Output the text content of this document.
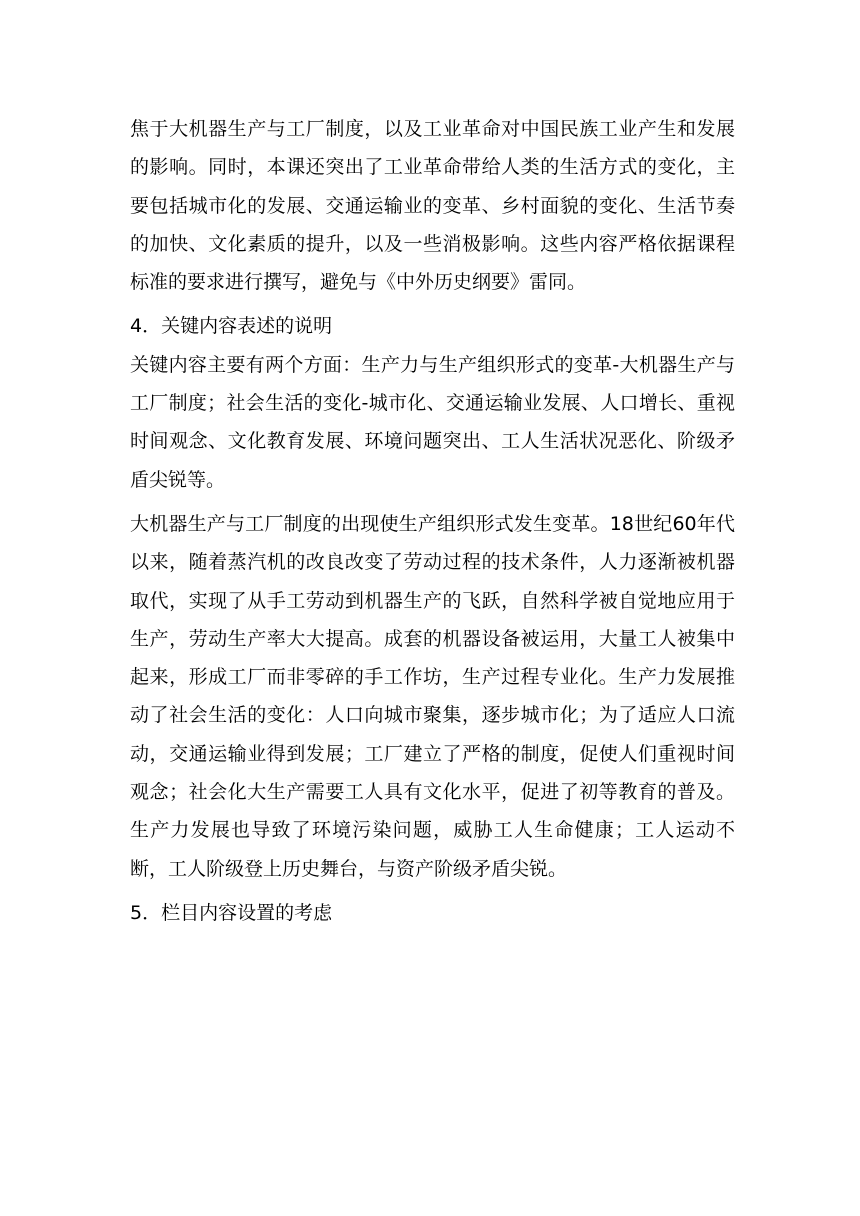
焦于大机器生产与工厂制度，以及工业革命对中国民族工业产生和发展的影响。同时，本课还突出了工业革命带给人类的生活方式的变化，主要包括城市化的发展、交通运输业的变革、乡村面貌的变化、生活节奏的加快、文化素质的提升，以及一些消极影响。这些内容严格依据课程标准的要求进行撰写，避免与《中外历史纲要》雷同。

4．关键内容表述的说明

关键内容主要有两个方面：生产力与生产组织形式的变革-大机器生产与工厂制度；社会生活的变化-城市化、交通运输业发展、人口增长、重视时间观念、文化教育发展、环境问题突出、工人生活状况恶化、阶级矛盾尖锐等。

大机器生产与工厂制度的出现使生产组织形式发生变革。18世纪60年代以来，随着蒸汽机的改良改变了劳动过程的技术条件，人力逐渐被机器取代，实现了从手工劳动到机器生产的飞跃，自然科学被自觉地应用于生产，劳动生产率大大提高。成套的机器设备被运用，大量工人被集中起来，形成工厂而非零碎的手工作坊，生产过程专业化。生产力发展推动了社会生活的变化：人口向城市聚集，逐步城市化；为了适应人口流动，交通运输业得到发展；工厂建立了严格的制度，促使人们重视时间观念；社会化大生产需要工人具有文化水平，促进了初等教育的普及。生产力发展也导致了环境污染问题，威胁工人生命健康；工人运动不断，工人阶级登上历史舞台，与资产阶级矛盾尖锐。

5．栏目内容设置的考虑
